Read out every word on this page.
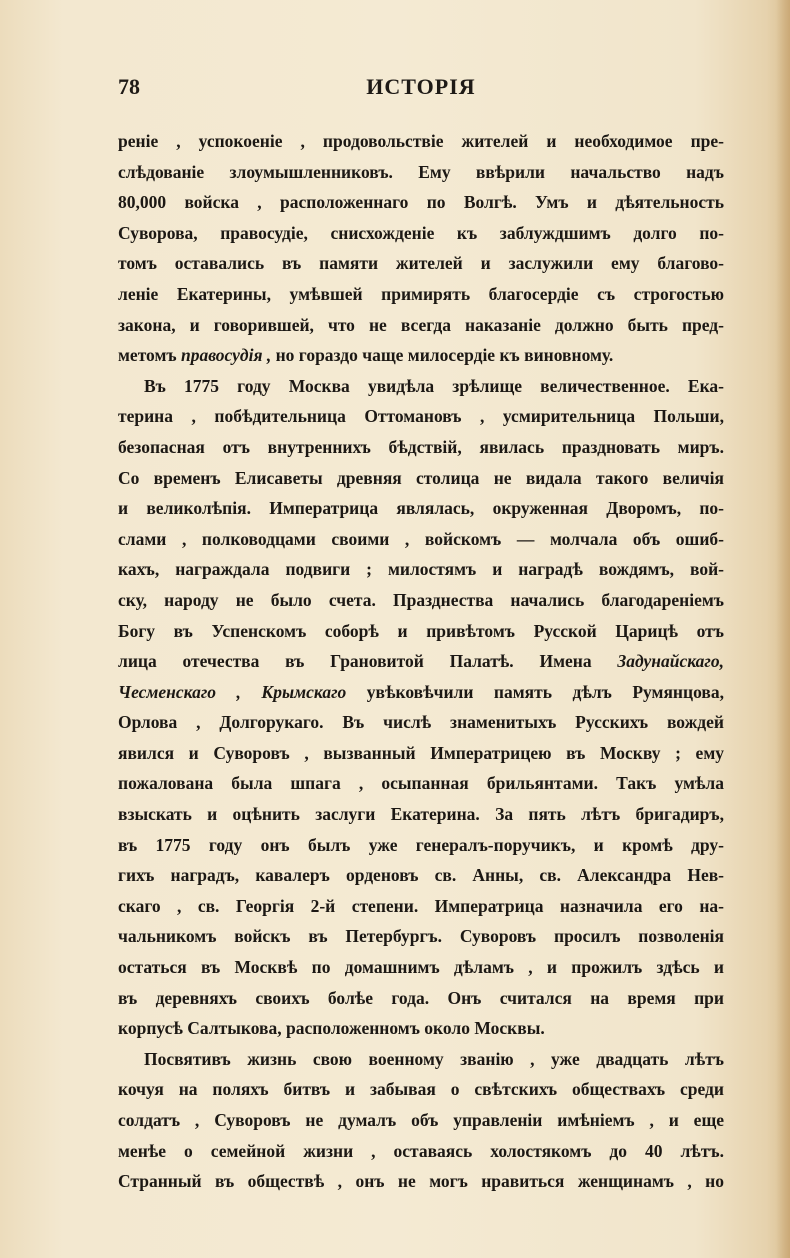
78	ИСТОРІЯ
реніе , успокоеніе , продовольствіе жителей и необходимое пре-
слѣдованіе злоумышленниковъ. Ему ввѣрили начальство надъ
80,000 войска , расположеннаго по Волгѣ. Умъ и дѣятельность
Суворова, правосудіе, снисхожденіе къ заблуждшимъ долго по-
томъ оставались въ памяти жителей и заслужили ему благово-
леніе Екатерины, умѣвшей примирять благосердіе съ строгостью
закона, и говорившей, что не всегда наказаніе должно быть пред-
метомъ правосудія , но гораздо чаще милосердіе къ виновному.
Въ 1775 году Москва увидѣла зрѣлище величественное. Ека-
терина , побѣдительница Оттомановъ , усмирительница Польши,
безопасная отъ внутреннихъ бѣдствій, явилась праздновать миръ.
Со временъ Елисаветы древняя столица не видала такого величія
и великолѣпія. Императрица являлась, окруженная Дворомъ, по-
слами , полководцами своими , войскомъ — молчала объ ошиб-
кахъ, награждала подвиги ; милостямъ и наградѣ вождямъ, вой-
ску, народу не было счета. Празднества начались благодареніемъ
Богу въ Успенскомъ соборѣ и привѣтомъ Русской Царицѣ отъ
лица отечества въ Грановитой Палатѣ. Имена Задунайскаго,
Чесменскаго , Крымскаго увѣковѣчили память дѣлъ Румянцова,
Орлова , Долгорукаго. Въ числѣ знаменитыхъ Русскихъ вождей
явился и Суворовъ , вызванный Императрицею въ Москву ; ему
пожалована была шпага , осыпанная брильянтами. Такъ умѣла
взыскать и оцѣнить заслуги Екатерина. За пять лѣтъ бригадиръ,
въ 1775 году онъ былъ уже генералъ-поручикъ, и кромѣ дру-
гихъ наградъ, кавалеръ орденовъ св. Анны, св. Александра Нев-
скаго , св. Георгія 2-й степени. Императрица назначила его на-
чальникомъ войскъ въ Петербургъ. Суворовъ просилъ позволенія
остаться въ Москвѣ по домашнимъ дѣламъ , и прожилъ здѣсь и
въ деревняхъ своихъ болѣе года. Онъ считался на время при
корпусѣ Салтыкова, расположенномъ около Москвы.
Посвятивъ жизнь свою военному званію , уже двадцать лѣтъ
кочуя на поляхъ битвъ и забывая о свѣтскихъ обществахъ среди
солдатъ , Суворовъ не думалъ объ управленіи имѣніемъ , и еще
менѣе о семейной жизни , оставаясь холостякомъ до 40 лѣтъ.
Странный въ обществѣ , онъ не могъ нравиться женщинамъ , но
